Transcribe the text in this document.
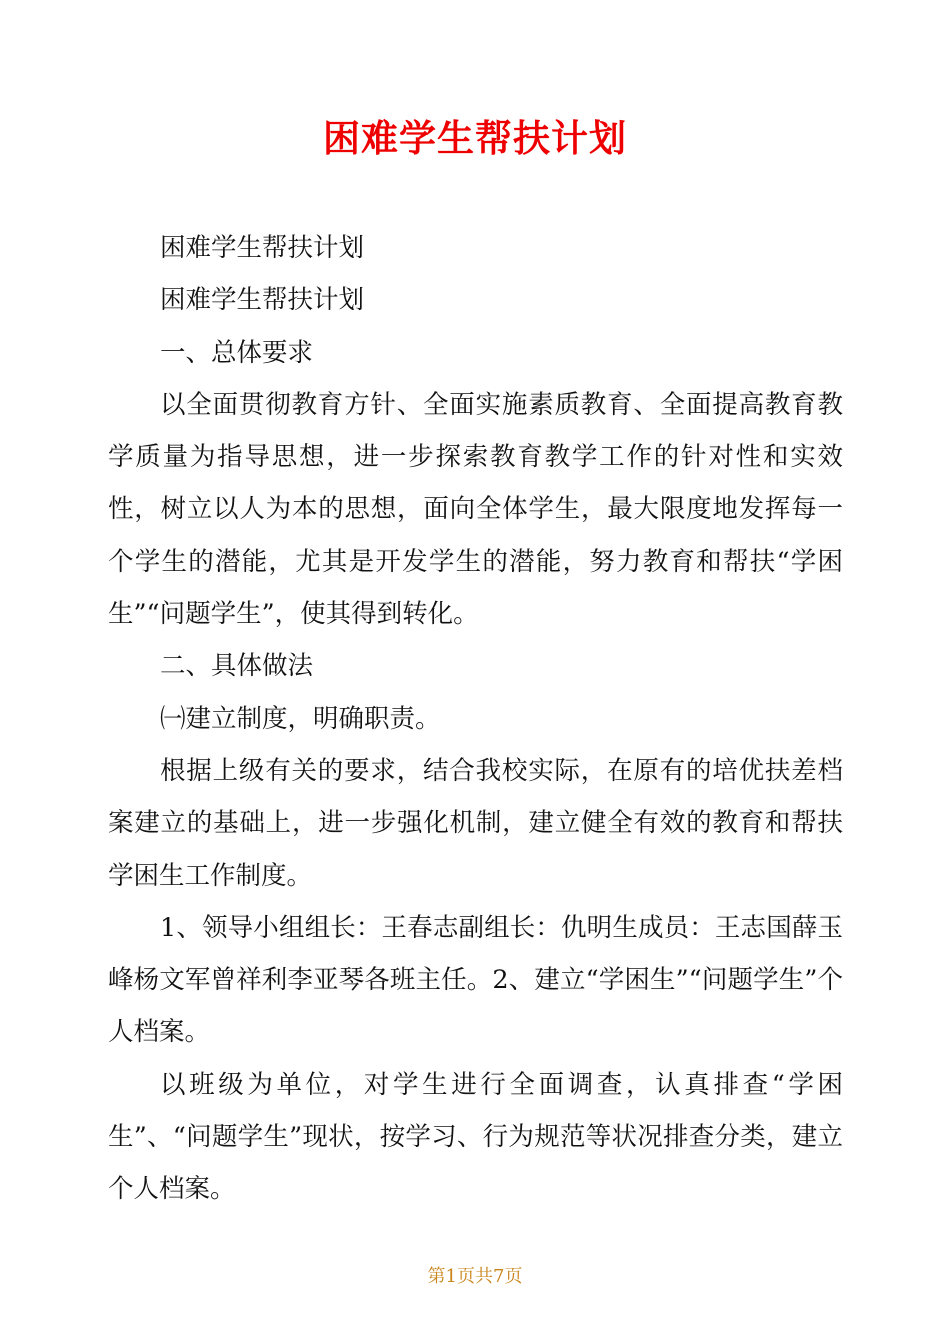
困难学生帮扶计划

困难学生帮扶计划

困难学生帮扶计划

一、总体要求

以全面贯彻教育方针、全面实施素质教育、全面提高教育教学质量为指导思想，进一步探索教育教学工作的针对性和实效性，树立以人为本的思想，面向全体学生，最大限度地发挥每一个学生的潜能，尤其是开发学生的潜能，努力教育和帮扶“学困生”“问题学生”，使其得到转化。

二、具体做法

㈠建立制度，明确职责。

根据上级有关的要求，结合我校实际，在原有的培优扶差档案建立的基础上，进一步强化机制，建立健全有效的教育和帮扶学困生工作制度。

1、领导小组组长：王春志副组长：仇明生成员：王志国薛玉峰杨文军曾祥利李亚琴各班主任。2、建立“学困生”“问题学生”个人档案。

以班级为单位，对学生进行全面调查，认真排查“学困生”、“问题学生”现状，按学习、行为规范等状况排查分类，建立个人档案。

第1页共7页
